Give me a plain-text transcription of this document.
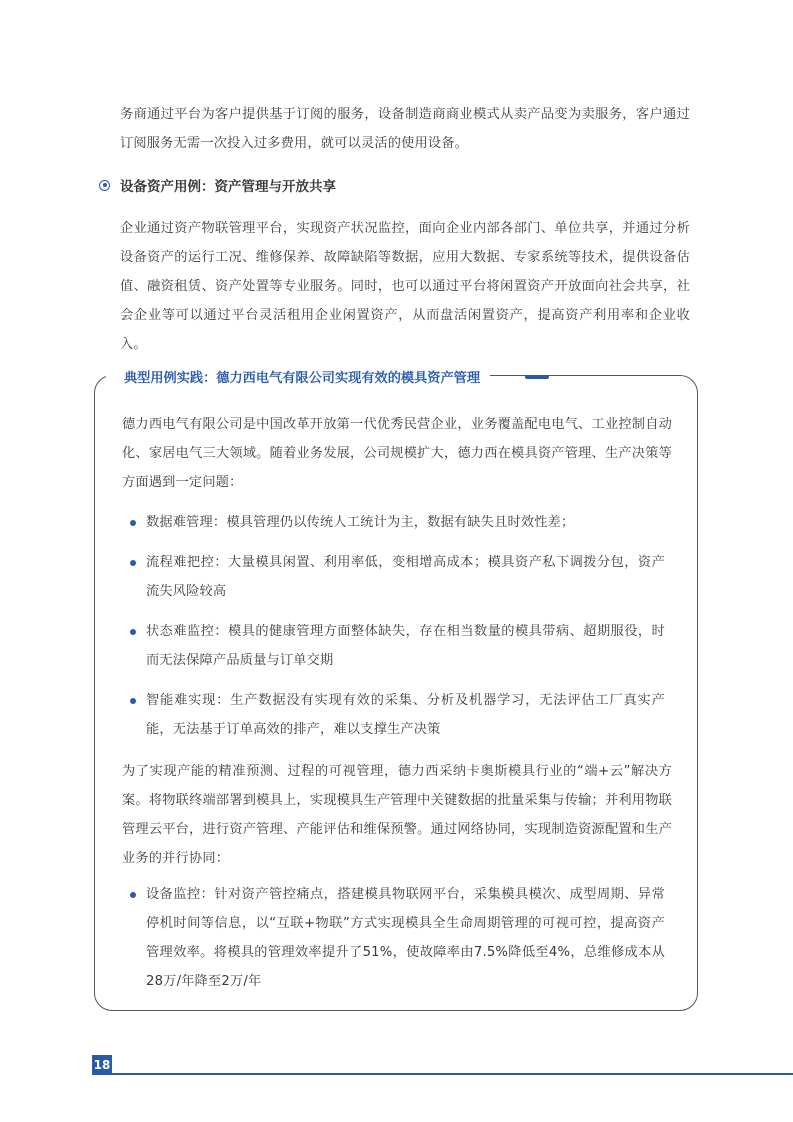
务商通过平台为客户提供基于订阅的服务，设备制造商商业模式从卖产品变为卖服务，客户通过订阅服务无需一次投入过多费用，就可以灵活的使用设备。

设备资产用例：资产管理与开放共享

企业通过资产物联管理平台，实现资产状况监控，面向企业内部各部门、单位共享，并通过分析设备资产的运行工况、维修保养、故障缺陷等数据，应用大数据、专家系统等技术，提供设备估值、融资租赁、资产处置等专业服务。同时，也可以通过平台将闲置资产开放面向社会共享，社会企业等可以通过平台灵活租用企业闲置资产，从而盘活闲置资产，提高资产利用率和企业收入。

典型用例实践：德力西电气有限公司实现有效的模具资产管理

德力西电气有限公司是中国改革开放第一代优秀民营企业，业务覆盖配电电气、工业控制自动化、家居电气三大领域。随着业务发展，公司规模扩大，德力西在模具资产管理、生产决策等方面遇到一定问题：

数据难管理：模具管理仍以传统人工统计为主，数据有缺失且时效性差；
流程难把控：大量模具闲置、利用率低，变相增高成本；模具资产私下调拨分包，资产流失风险较高
状态难监控：模具的健康管理方面整体缺失，存在相当数量的模具带病、超期服役，时而无法保障产品质量与订单交期
智能难实现：生产数据没有实现有效的采集、分析及机器学习，无法评估工厂真实产能，无法基于订单高效的排产，难以支撑生产决策

为了实现产能的精准预测、过程的可视管理，德力西采纳卡奥斯模具行业的“端+云”解决方案。将物联终端部署到模具上，实现模具生产管理中关键数据的批量采集与传输；并利用物联管理云平台，进行资产管理、产能评估和维保预警。通过网络协同，实现制造资源配置和生产业务的并行协同：

设备监控：针对资产管控痛点，搭建模具物联网平台，采集模具模次、成型周期、异常停机时间等信息，以“互联+物联”方式实现模具全生命周期管理的可视可控，提高资产管理效率。将模具的管理效率提升了51%，使故障率由7.5%降低至4%，总维修成本从28万/年降至2万/年
18
